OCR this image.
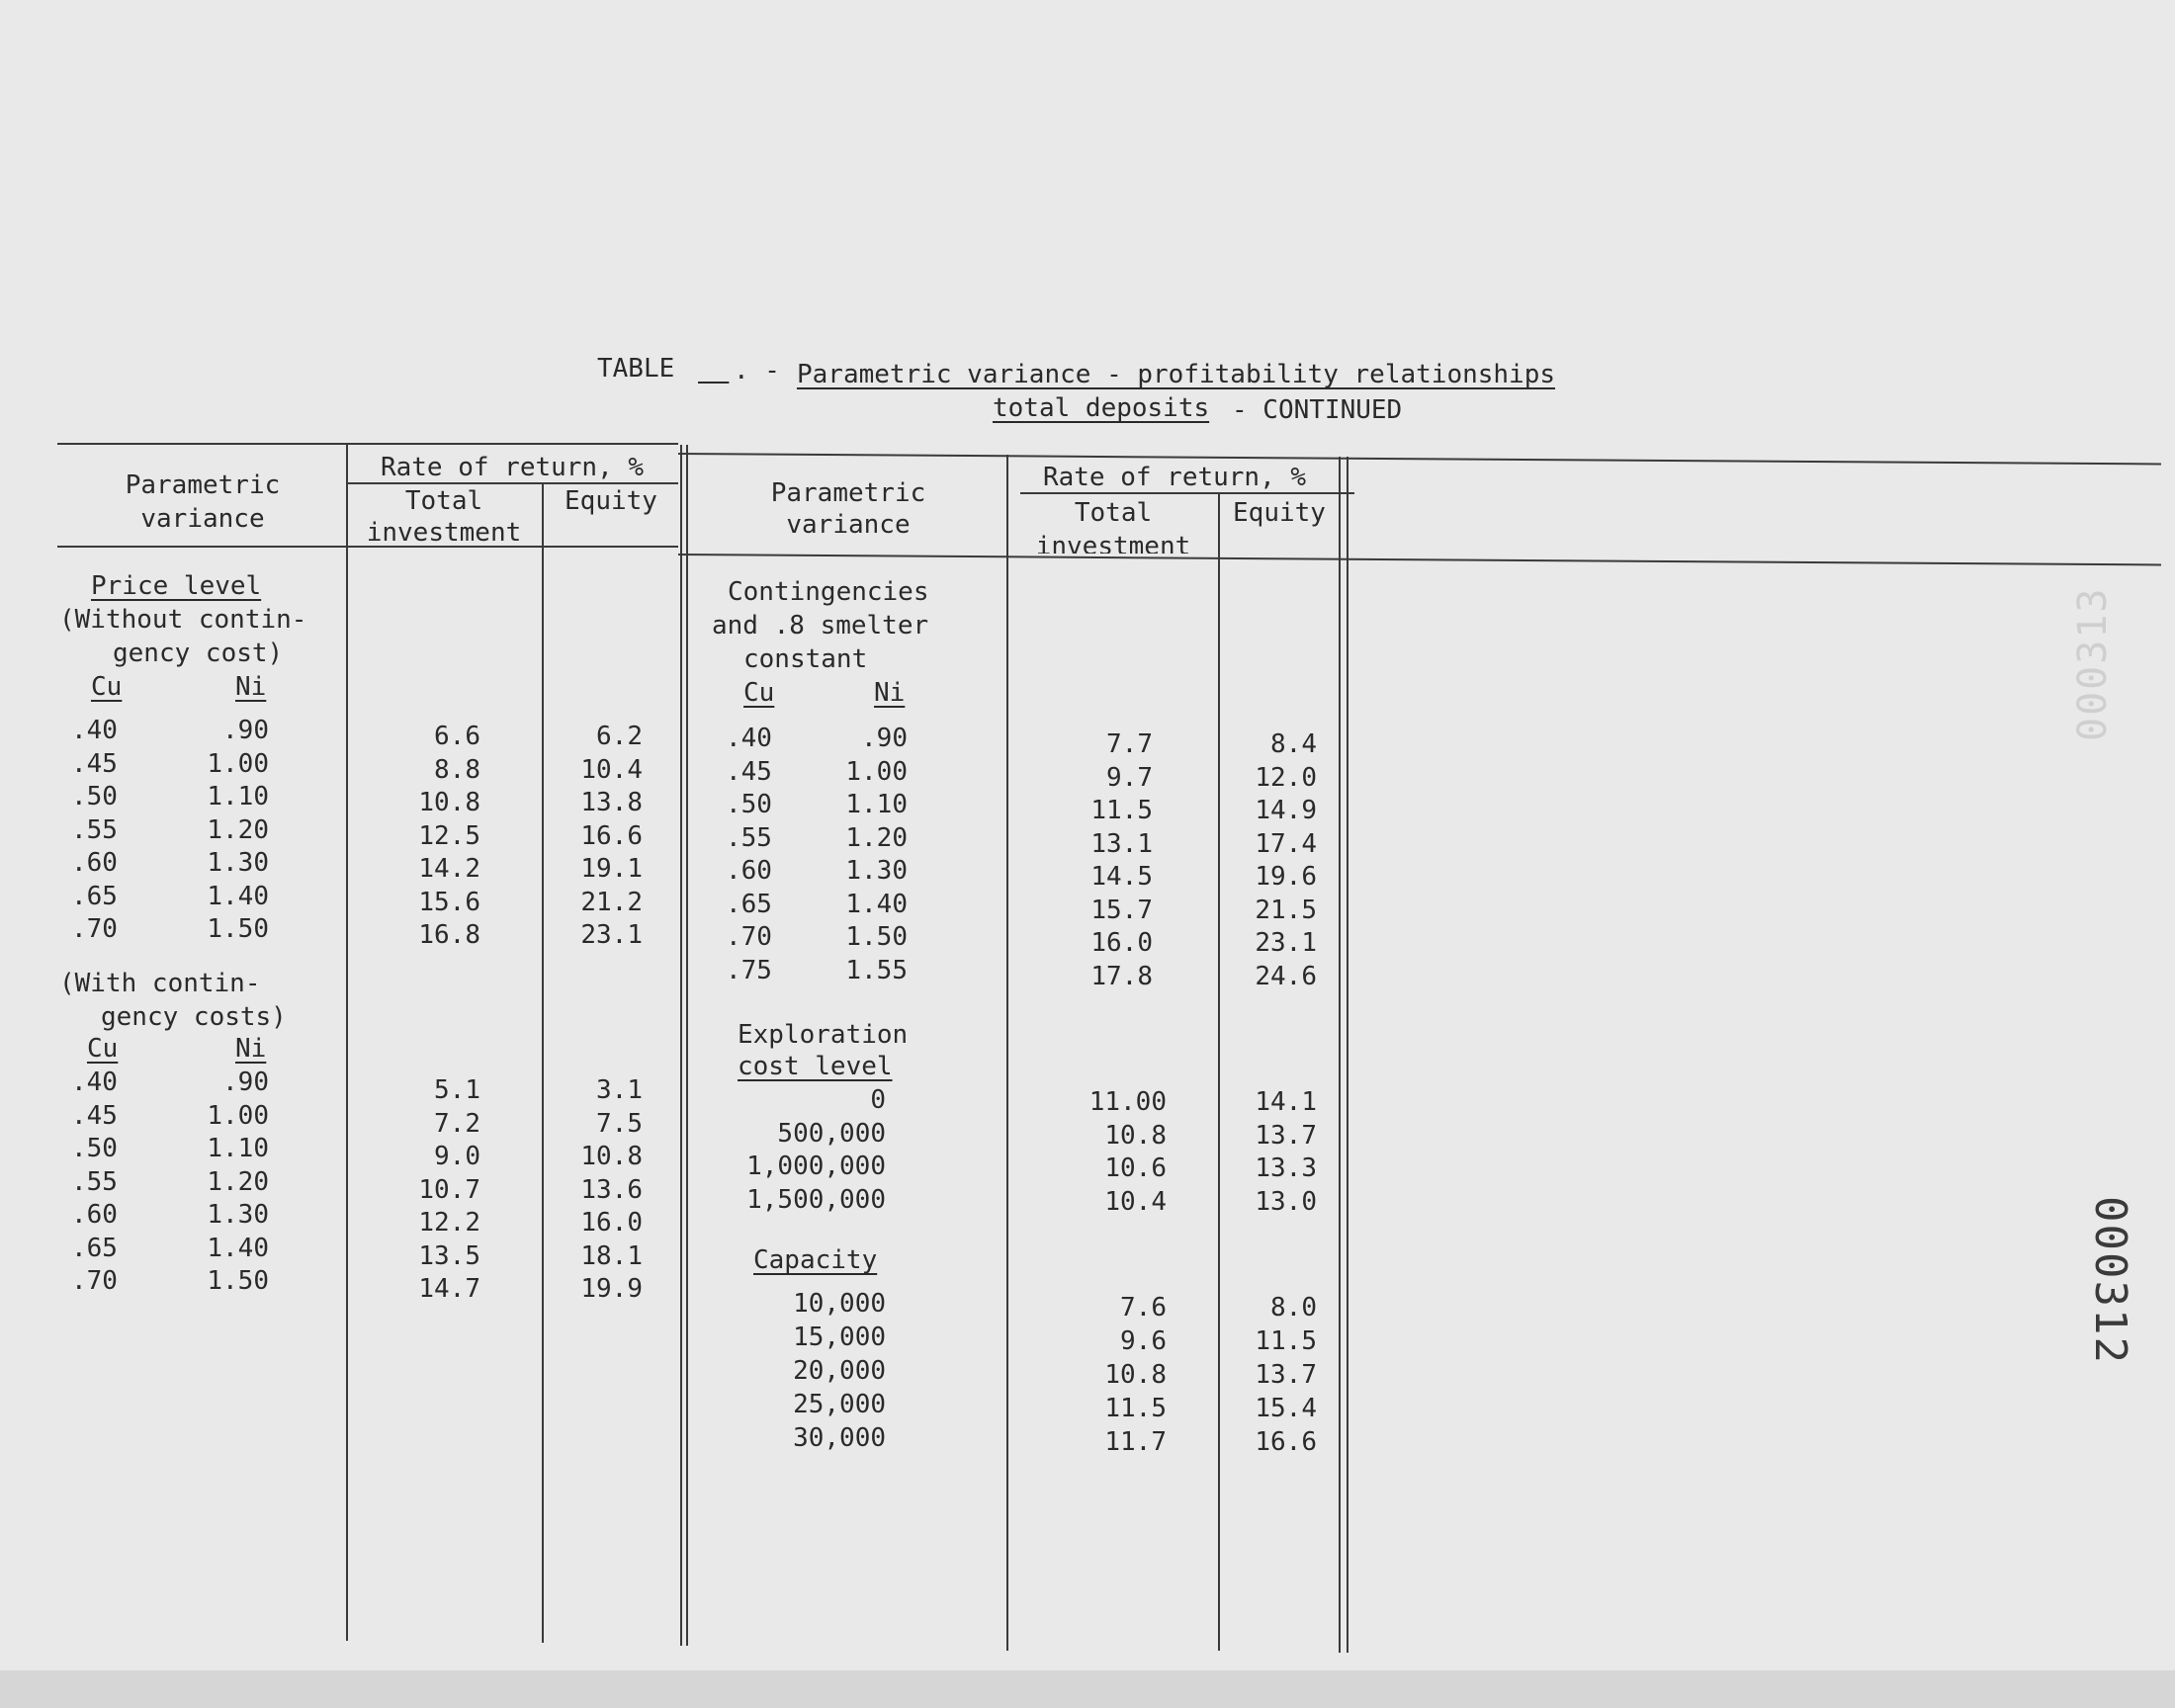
TABLE __ . - Parametric variance - profitability relationships
total deposits - CONTINUED
Parametric
variance
Rate of return, %
Total
investment
Equity	Parametric
variance
Rate of return, %
Total
investment
Equity
Price level
(Without contin-
gency cost)
Cu	Ni
(With contin-
gency costs)
Cu	Ni
.40	.90	6.6	6.2
.45	1.00	8.8	10.4
.50	1.10	10.8	13.8
.55	1.20	12.5	16.6
.60	1.30	14.2	19.1
.65	1.40	15.6	21.2
.70	1.50	16.8	23.1
.40	.90	5.1	3.1
.45	1.00	7.2	7.5
.50	1.10	9.0	10.8
.55	1.20	10.7	13.6
.60	1.30	12.2	16.0
.65	1.40	13.5	18.1
.70	1.50	14.7	19.9
Contingencies
and .8 smelter
constant
Cu	Ni
Exploration
cost level
Capacity
.40	.90	7.7	8.4
.45	1.00	9.7	12.0
.50	1.10	11.5	14.9
.55	1.20	13.1	17.4
.60	1.30	14.5	19.6
.65	1.40	15.7	21.5
.70	1.50	16.0	23.1
.75	1.55	17.8	24.6
0	11.00	14.1
500,000	10.8	13.7
1,000,000	10.6	13.3
1,500,000	10.4	13.0
10,000	7.6	8.0
15,000	9.6	11.5
20,000	10.8	13.7
25,000	11.5	15.4
30,000	11.7	16.6
000312
000313
